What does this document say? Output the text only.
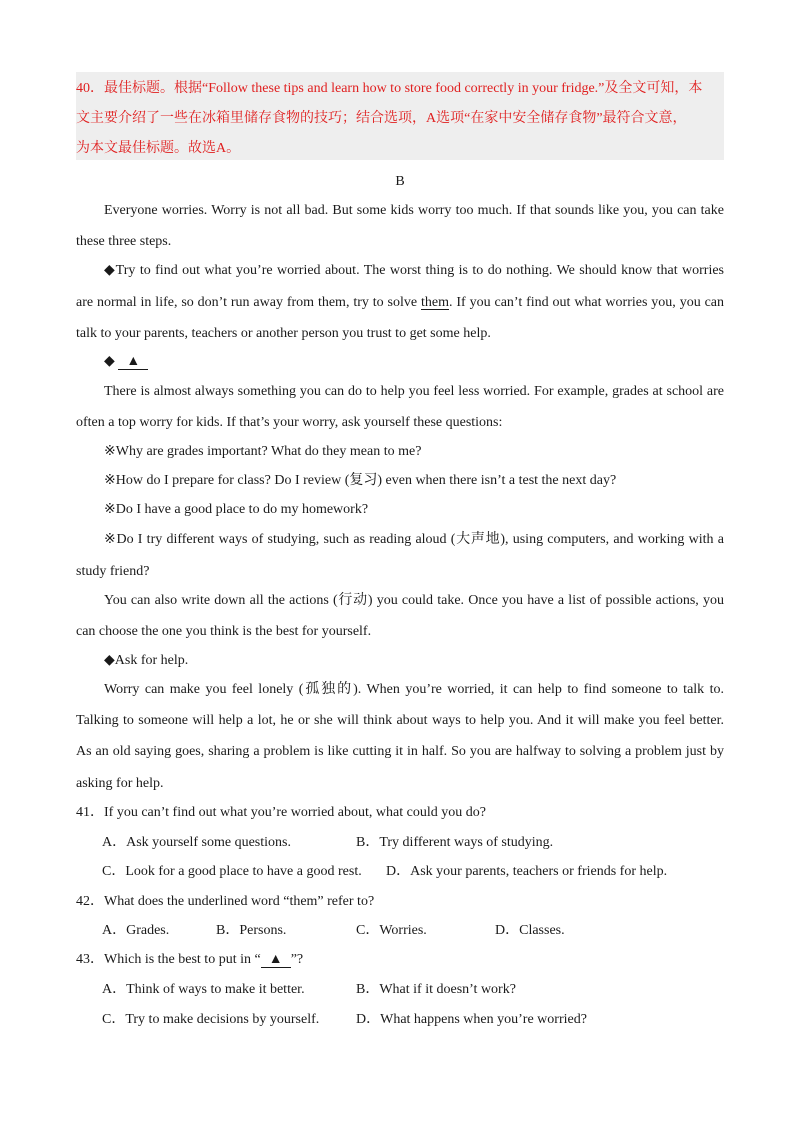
40．最佳标题。根据“Follow these tips and learn how to store food correctly in your fridge.”及全文可知，本
文主要介绍了一些在冰箱里储存食物的技巧；结合选项，A选项“在家中安全储存食物”最符合文意，
为本文最佳标题。故选A。
B
Everyone worries. Worry is not all bad. But some kids worry too much. If that sounds like you, you can take
these three steps.
◆Try to find out what you’re worried about. The worst thing is to do nothing. We should know that worries
are normal in life, so don’t run away from them, try to solve them. If you can’t find out what worries you, you can
talk to your parents, teachers or another person you trust to get some help.
◆ ▲
There is almost always something you can do to help you feel less worried. For example, grades at school are
often a top worry for kids. If that’s your worry, ask yourself these questions:
※Why are grades important? What do they mean to me?
※How do I prepare for class? Do I review (复习) even when there isn’t a test the next day?
※Do I have a good place to do my homework?
※Do I try different ways of studying, such as reading aloud (大声地), using computers, and working with a
study friend?
You can also write down all the actions (行动) you could take. Once you have a list of possible actions, you
can choose the one you think is the best for yourself.
◆Ask for help.
Worry can make you feel lonely (孤独的). When you’re worried, it can help to find someone to talk to.
Talking to someone will help a lot, he or she will think about ways to help you. And it will make you feel better.
As an old saying goes, sharing a problem is like cutting it in half. So you are halfway to solving a problem just by
asking for help.
41．If you can’t find out what you’re worried about, what could you do?
A．Ask yourself some questions.	B．Try different ways of studying.
C．Look for a good place to have a good rest. D．Ask your parents, teachers or friends for help.
42．What does the underlined word “them” refer to?
A．Grades.	B．Persons.	C．Worries.	D．Classes.
43．Which is the best to put in “ ▲ ”?
A．Think of ways to make it better.	B．What if it doesn’t work?
C．Try to make decisions by yourself.	D．What happens when you’re worried?
